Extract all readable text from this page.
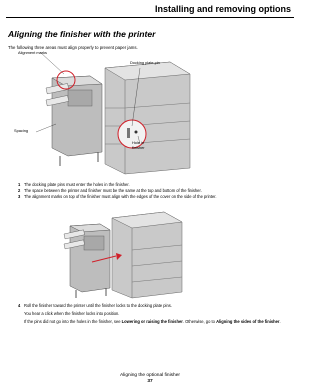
Installing and removing options
Aligning the finisher with the printer
The following three areas must align properly to prevent paper jams.
Alignment marks
Docking plate pin
Spacing
Hole in
finisher
1 The docking plate pins must enter the holes in the finisher.
2 The space between the printer and finisher must be the same at the top and bottom of the finisher.
3 The alignment marks on top of the finisher must align with the edges of the cover on the side of the printer.
4 Roll the finisher toward the printer until the finisher locks to the docking plate pins.
You hear a click when the finisher locks into position.
If the pins did not go into the holes in the finisher, see Lowering or raising the finisher. Otherwise, go to Aligning the sides of the finisher.
Aligning the optional finisher
37
